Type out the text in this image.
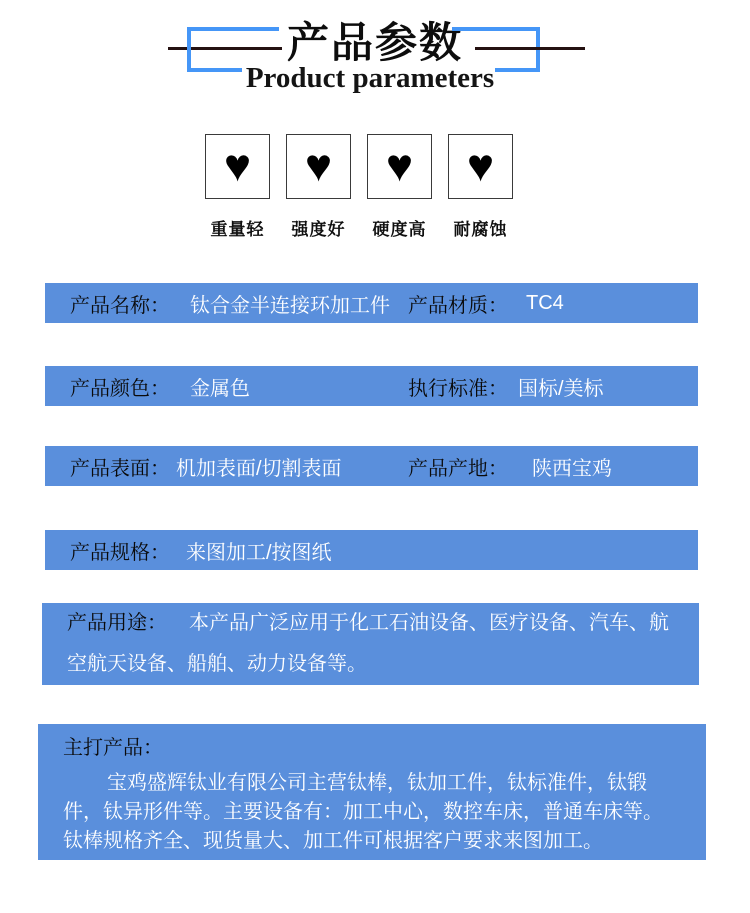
产品参数
Product parameters
♥
重量轻
♥
强度好
♥
硬度高
♥
耐腐蚀
产品名称： 钛合金半连接环加工件 产品材质： TC4
产品颜色： 金属色	执行标准： 国标/美标
产品表面： 机加表面/切割表面	产品产地： 陕西宝鸡
产品规格： 来图加工/按图纸

产品用途： 本产品广泛应用于化工石油设备、医疗设备、汽车、航空航天设备、船舶、动力设备等。

主打产品：

宝鸡盛辉钛业有限公司主营钛棒，钛加工件，钛标准件，钛锻件，钛异形件等。主要设备有：加工中心，数控车床，普通车床等。钛棒规格齐全、现货量大、加工件可根据客户要求来图加工。
